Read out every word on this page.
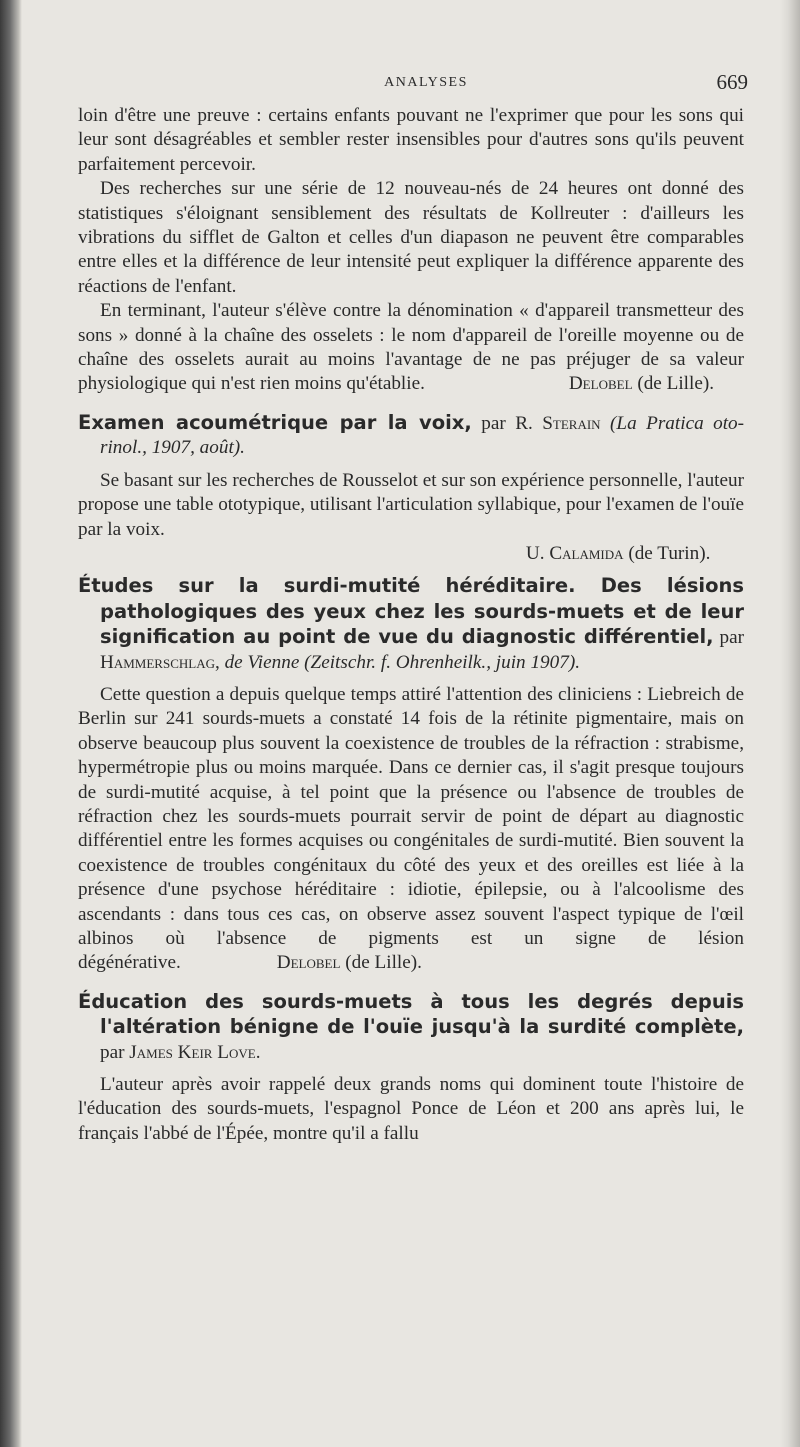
ANALYSES	669

loin d'être une preuve : certains enfants pouvant ne l'exprimer que pour les sons qui leur sont désagréables et sembler rester insensibles pour d'autres sons qu'ils peuvent parfaitement percevoir.

Des recherches sur une série de 12 nouveau-nés de 24 heures ont donné des statistiques s'éloignant sensiblement des résultats de Kollreuter : d'ailleurs les vibrations du sifflet de Galton et celles d'un diapason ne peuvent être comparables entre elles et la différence de leur intensité peut expliquer la différence apparente des réactions de l'enfant.

En terminant, l'auteur s'élève contre la dénomination « d'appareil transmetteur des sons » donné à la chaîne des osselets : le nom d'appareil de l'oreille moyenne ou de chaîne des osselets aurait au moins l'avantage de ne pas préjuger de sa valeur physiologique qui n'est rien moins qu'établie.	Delobel (de Lille).

Examen acoumétrique par la voix, par R. Sterain (La Pratica oto-rinol., 1907, août).

Se basant sur les recherches de Rousselot et sur son expérience personnelle, l'auteur propose une table ototypique, utilisant l'articulation syllabique, pour l'examen de l'ouïe par la voix.

U. Calamida (de Turin).

Études sur la surdi-mutité héréditaire. Des lésions pathologiques des yeux chez les sourds-muets et de leur signification au point de vue du diagnostic différentiel, par Hammerschlag, de Vienne (Zeitschr. f. Ohrenheilk., juin 1907).

Cette question a depuis quelque temps attiré l'attention des cliniciens : Liebreich de Berlin sur 241 sourds-muets a constaté 14 fois de la rétinite pigmentaire, mais on observe beaucoup plus souvent la coexistence de troubles de la réfraction : strabisme, hypermétropie plus ou moins marquée. Dans ce dernier cas, il s'agit presque toujours de surdi-mutité acquise, à tel point que la présence ou l'absence de troubles de réfraction chez les sourds-muets pourrait servir de point de départ au diagnostic différentiel entre les formes acquises ou congénitales de surdi-mutité. Bien souvent la coexistence de troubles congénitaux du côté des yeux et des oreilles est liée à la présence d'une psychose héréditaire : idiotie, épilepsie, ou à l'alcoolisme des ascendants : dans tous ces cas, on observe assez souvent l'aspect typique de l'œil albinos où l'absence de pigments est un signe de lésion dégénérative.	Delobel (de Lille).

Éducation des sourds-muets à tous les degrés depuis l'altération bénigne de l'ouïe jusqu'à la surdité complète, par James Keir Love.

L'auteur après avoir rappelé deux grands noms qui dominent toute l'histoire de l'éducation des sourds-muets, l'espagnol Ponce de Léon et 200 ans après lui, le français l'abbé de l'Épée, montre qu'il a fallu
